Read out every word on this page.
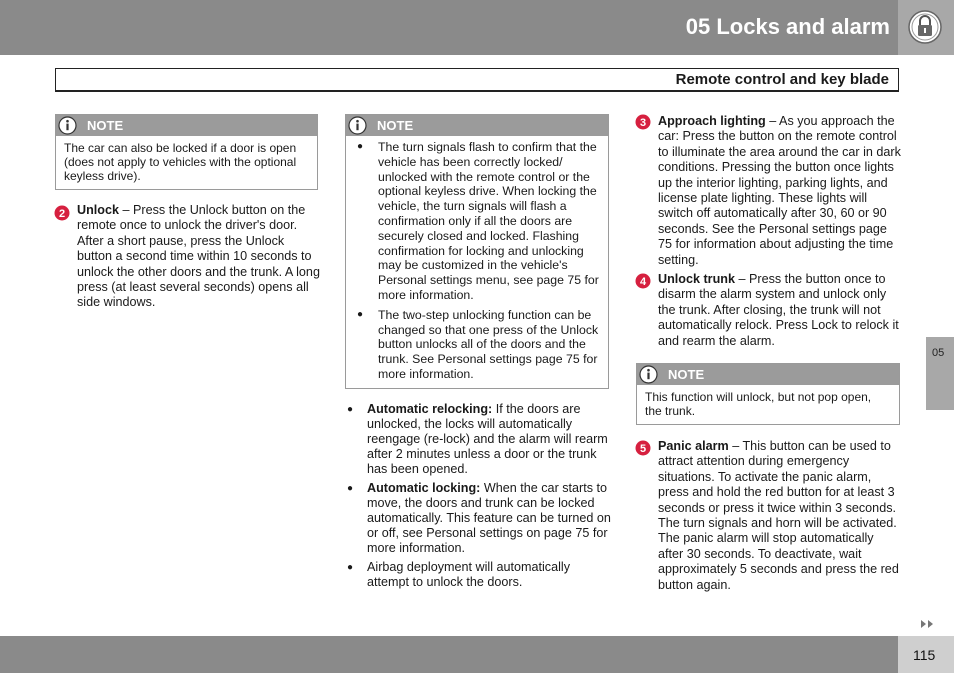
05 Locks and alarm
Remote control and key blade
NOTE
The car can also be locked if a door is open (does not apply to vehicles with the optional keyless drive).
2 Unlock – Press the Unlock button on the remote once to unlock the driver's door. After a short pause, press the Unlock button a second time within 10 seconds to unlock the other doors and the trunk. A long press (at least several seconds) opens all side windows.
NOTE
● The turn signals flash to confirm that the vehicle has been correctly locked/ unlocked with the remote control or the optional keyless drive. When locking the vehicle, the turn signals will flash a confirmation only if all the doors are securely closed and locked. Flashing confirmation for locking and unlocking may be customized in the vehicle's Personal settings menu, see page 75 for more information.
● The two-step unlocking function can be changed so that one press of the Unlock button unlocks all of the doors and the trunk. See Personal settings page 75 for more information.
● Automatic relocking: If the doors are unlocked, the locks will automatically reengage (re-lock) and the alarm will rearm after 2 minutes unless a door or the trunk has been opened.
● Automatic locking: When the car starts to move, the doors and trunk can be locked automatically. This feature can be turned on or off, see Personal settings on page 75 for more information.
● Airbag deployment will automatically attempt to unlock the doors.
3 Approach lighting – As you approach the car: Press the button on the remote control to illuminate the area around the car in dark conditions. Pressing the button once lights up the interior lighting, parking lights, and license plate lighting. These lights will switch off automatically after 30, 60 or 90 seconds. See the Personal settings page 75 for information about adjusting the time setting.
4 Unlock trunk – Press the button once to disarm the alarm system and unlock only the trunk. After closing, the trunk will not automatically relock. Press Lock to relock it and rearm the alarm.
NOTE
This function will unlock, but not pop open, the trunk.
5 Panic alarm – This button can be used to attract attention during emergency situations. To activate the panic alarm, press and hold the red button for at least 3 seconds or press it twice within 3 seconds. The turn signals and horn will be activated. The panic alarm will stop automatically after 30 seconds. To deactivate, wait approximately 5 seconds and press the red button again.
05
115
